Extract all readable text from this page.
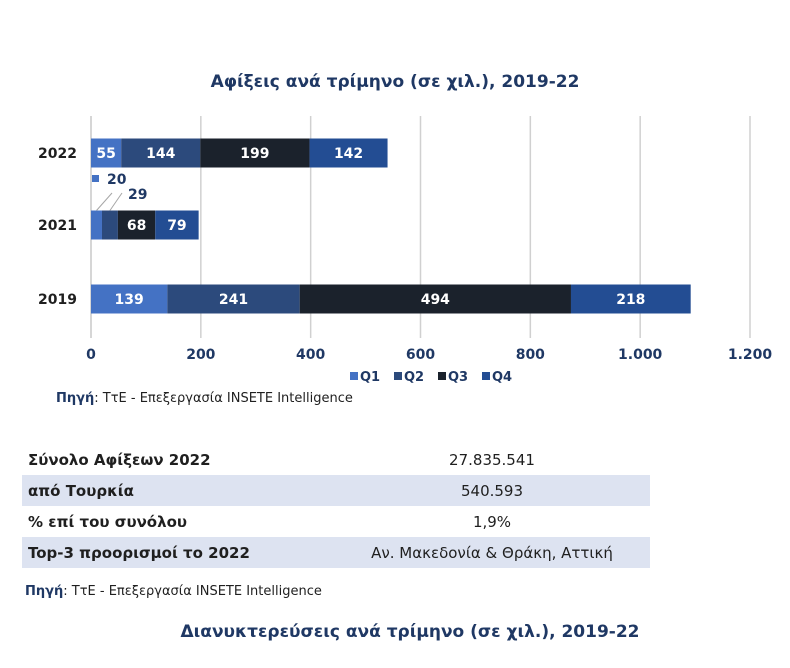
Αφίξεις ανά τρίμηνο (σε χιλ.), 2019-22
0	200	400	600	800	1.000	1.200
2022
2021
2019
55 144	199	142
68 79
139	241	494	218
20
29
Q1 Q2 Q3 Q4
Πηγή: ΤτΕ - Επεξεργασία INSETE Intelligence
Σύνολο Αφίξεων 2022	27.835.541
από Τουρκία	540.593
% επί του συνόλου	1,9%
Top-3 προορισμοί το 2022	Αν. Μακεδονία & Θράκη, Αττική
Πηγή: ΤτΕ - Επεξεργασία INSETE Intelligence
Διανυκτερεύσεις ανά τρίμηνο (σε χιλ.), 2019-22
